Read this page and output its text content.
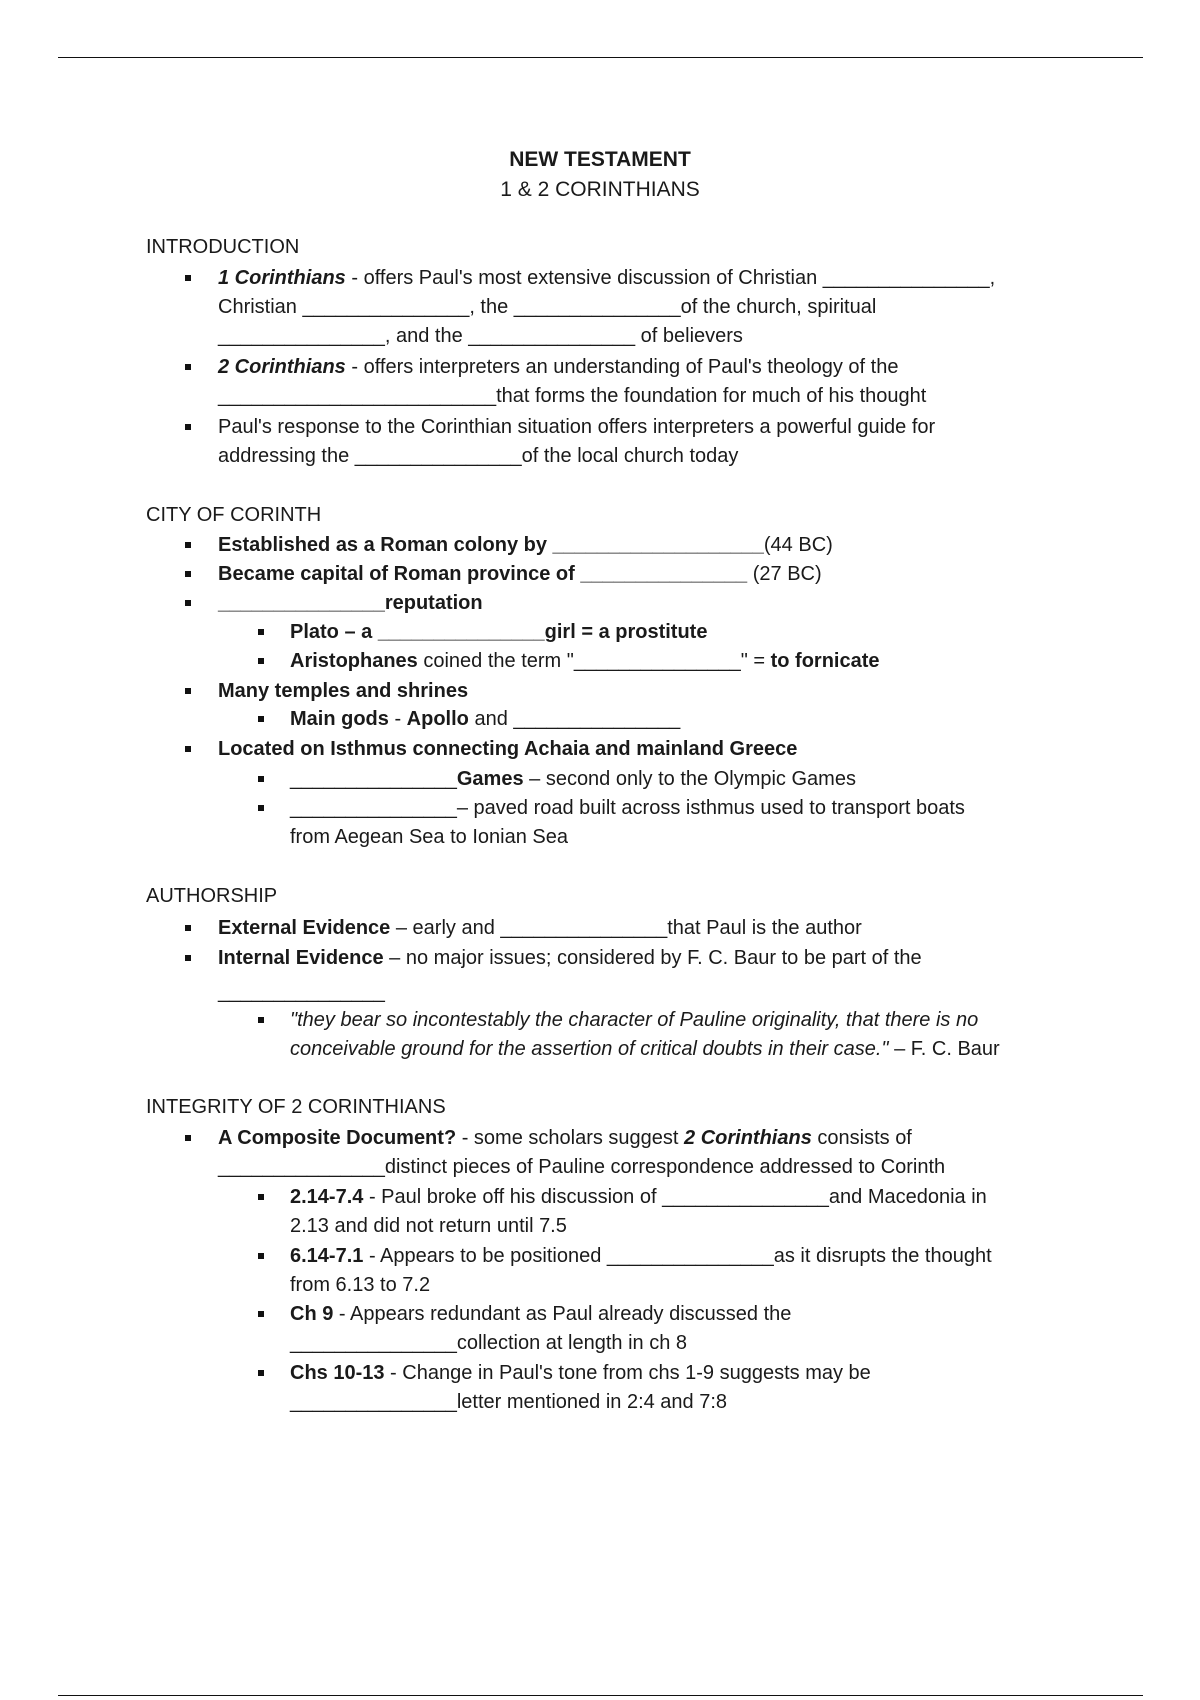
NEW TESTAMENT
1 & 2 CORINTHIANS
INTRODUCTION
1 Corinthians - offers Paul's most extensive discussion of Christian _______________,
Christian _______________, the _______________of the church, spiritual
_______________, and the _______________ of believers
2 Corinthians - offers interpreters an understanding of Paul's theology of the
_________________________that forms the foundation for much of his thought
Paul's response to the Corinthian situation offers interpreters a powerful guide for
addressing the _______________of the local church today
CITY OF CORINTH
Established as a Roman colony by ___________________(44 BC)
Became capital of Roman province of _______________ (27 BC)
_______________reputation
Plato – a _______________girl = a prostitute
Aristophanes coined the term "_______________" = to fornicate
Many temples and shrines
Main gods - Apollo and _______________
Located on Isthmus connecting Achaia and mainland Greece
_______________Games – second only to the Olympic Games
_______________– paved road built across isthmus used to transport boats
from Aegean Sea to Ionian Sea
AUTHORSHIP
External Evidence – early and _______________that Paul is the author
Internal Evidence – no major issues; considered by F. C. Baur to be part of the
_______________
"they bear so incontestably the character of Pauline originality, that there is no
conceivable ground for the assertion of critical doubts in their case." – F. C. Baur
INTEGRITY OF 2 CORINTHIANS
A Composite Document? - some scholars suggest 2 Corinthians consists of
_______________distinct pieces of Pauline correspondence addressed to Corinth
2.14-7.4 - Paul broke off his discussion of _______________and Macedonia in
2.13 and did not return until 7.5
6.14-7.1 - Appears to be positioned _______________as it disrupts the thought
from 6.13 to 7.2
Ch 9 - Appears redundant as Paul already discussed the
_______________collection at length in ch 8
Chs 10-13 - Change in Paul's tone from chs 1-9 suggests may be
_______________letter mentioned in 2:4 and 7:8
